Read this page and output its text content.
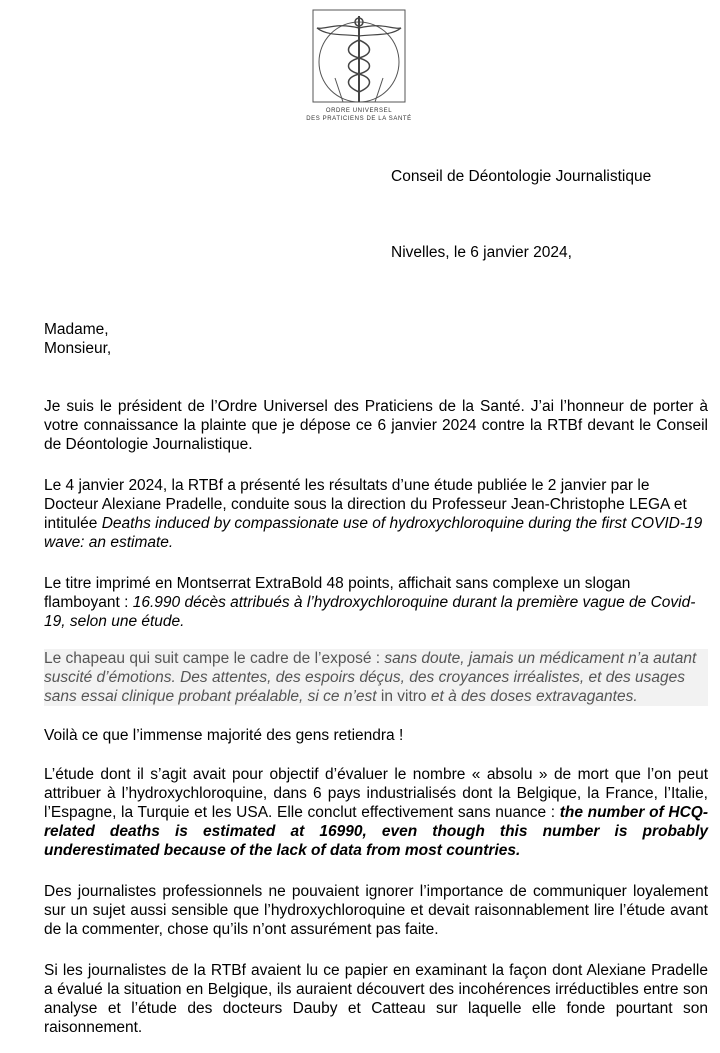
ORDRE UNIVERSEL
DES PRATICIENS DE LA SANTÉ
Conseil de Déontologie Journalistique
Nivelles, le 6 janvier 2024,
Madame,
Monsieur,

Je suis le président de l’Ordre Universel des Praticiens de la Santé. J’ai l’honneur de porter à votre connaissance la plainte que je dépose ce 6 janvier 2024 contre la RTBf devant le Conseil de Déontologie Journalistique.

Le 4 janvier 2024, la RTBf a présenté les résultats d’une étude publiée le 2 janvier par le Docteur Alexiane Pradelle, conduite sous la direction du Professeur Jean-Christophe LEGA et intitulée Deaths induced by compassionate use of hydroxychloroquine during the first COVID-19 wave: an estimate.

Le titre imprimé en Montserrat ExtraBold 48 points, affichait sans complexe un slogan flamboyant : 16.990 décès attribués à l’hydroxychloroquine durant la première vague de Covid-19, selon une étude.

Le chapeau qui suit campe le cadre de l’exposé : sans doute, jamais un médicament n’a autant suscité d’émotions. Des attentes, des espoirs déçus, des croyances irréalistes, et des usages sans essai clinique probant préalable, si ce n’est in vitro et à des doses extravagantes.

Voilà ce que l’immense majorité des gens retiendra !

L’étude dont il s’agit avait pour objectif d’évaluer le nombre « absolu » de mort que l’on peut attribuer à l’hydroxychloroquine, dans 6 pays industrialisés dont la Belgique, la France, l’Italie, l’Espagne, la Turquie et les USA. Elle conclut effectivement sans nuance : the number of HCQ-related deaths is estimated at 16990, even though this number is probably underestimated because of the lack of data from most countries.

Des journalistes professionnels ne pouvaient ignorer l’importance de communiquer loyalement sur un sujet aussi sensible que l’hydroxychloroquine et devait raisonnablement lire l’étude avant de la commenter, chose qu’ils n’ont assurément pas faite.

Si les journalistes de la RTBf avaient lu ce papier en examinant la façon dont Alexiane Pradelle a évalué la situation en Belgique, ils auraient découvert des incohérences irréductibles entre son analyse et l’étude des docteurs Dauby et Catteau sur laquelle elle fonde pourtant son raisonnement.
